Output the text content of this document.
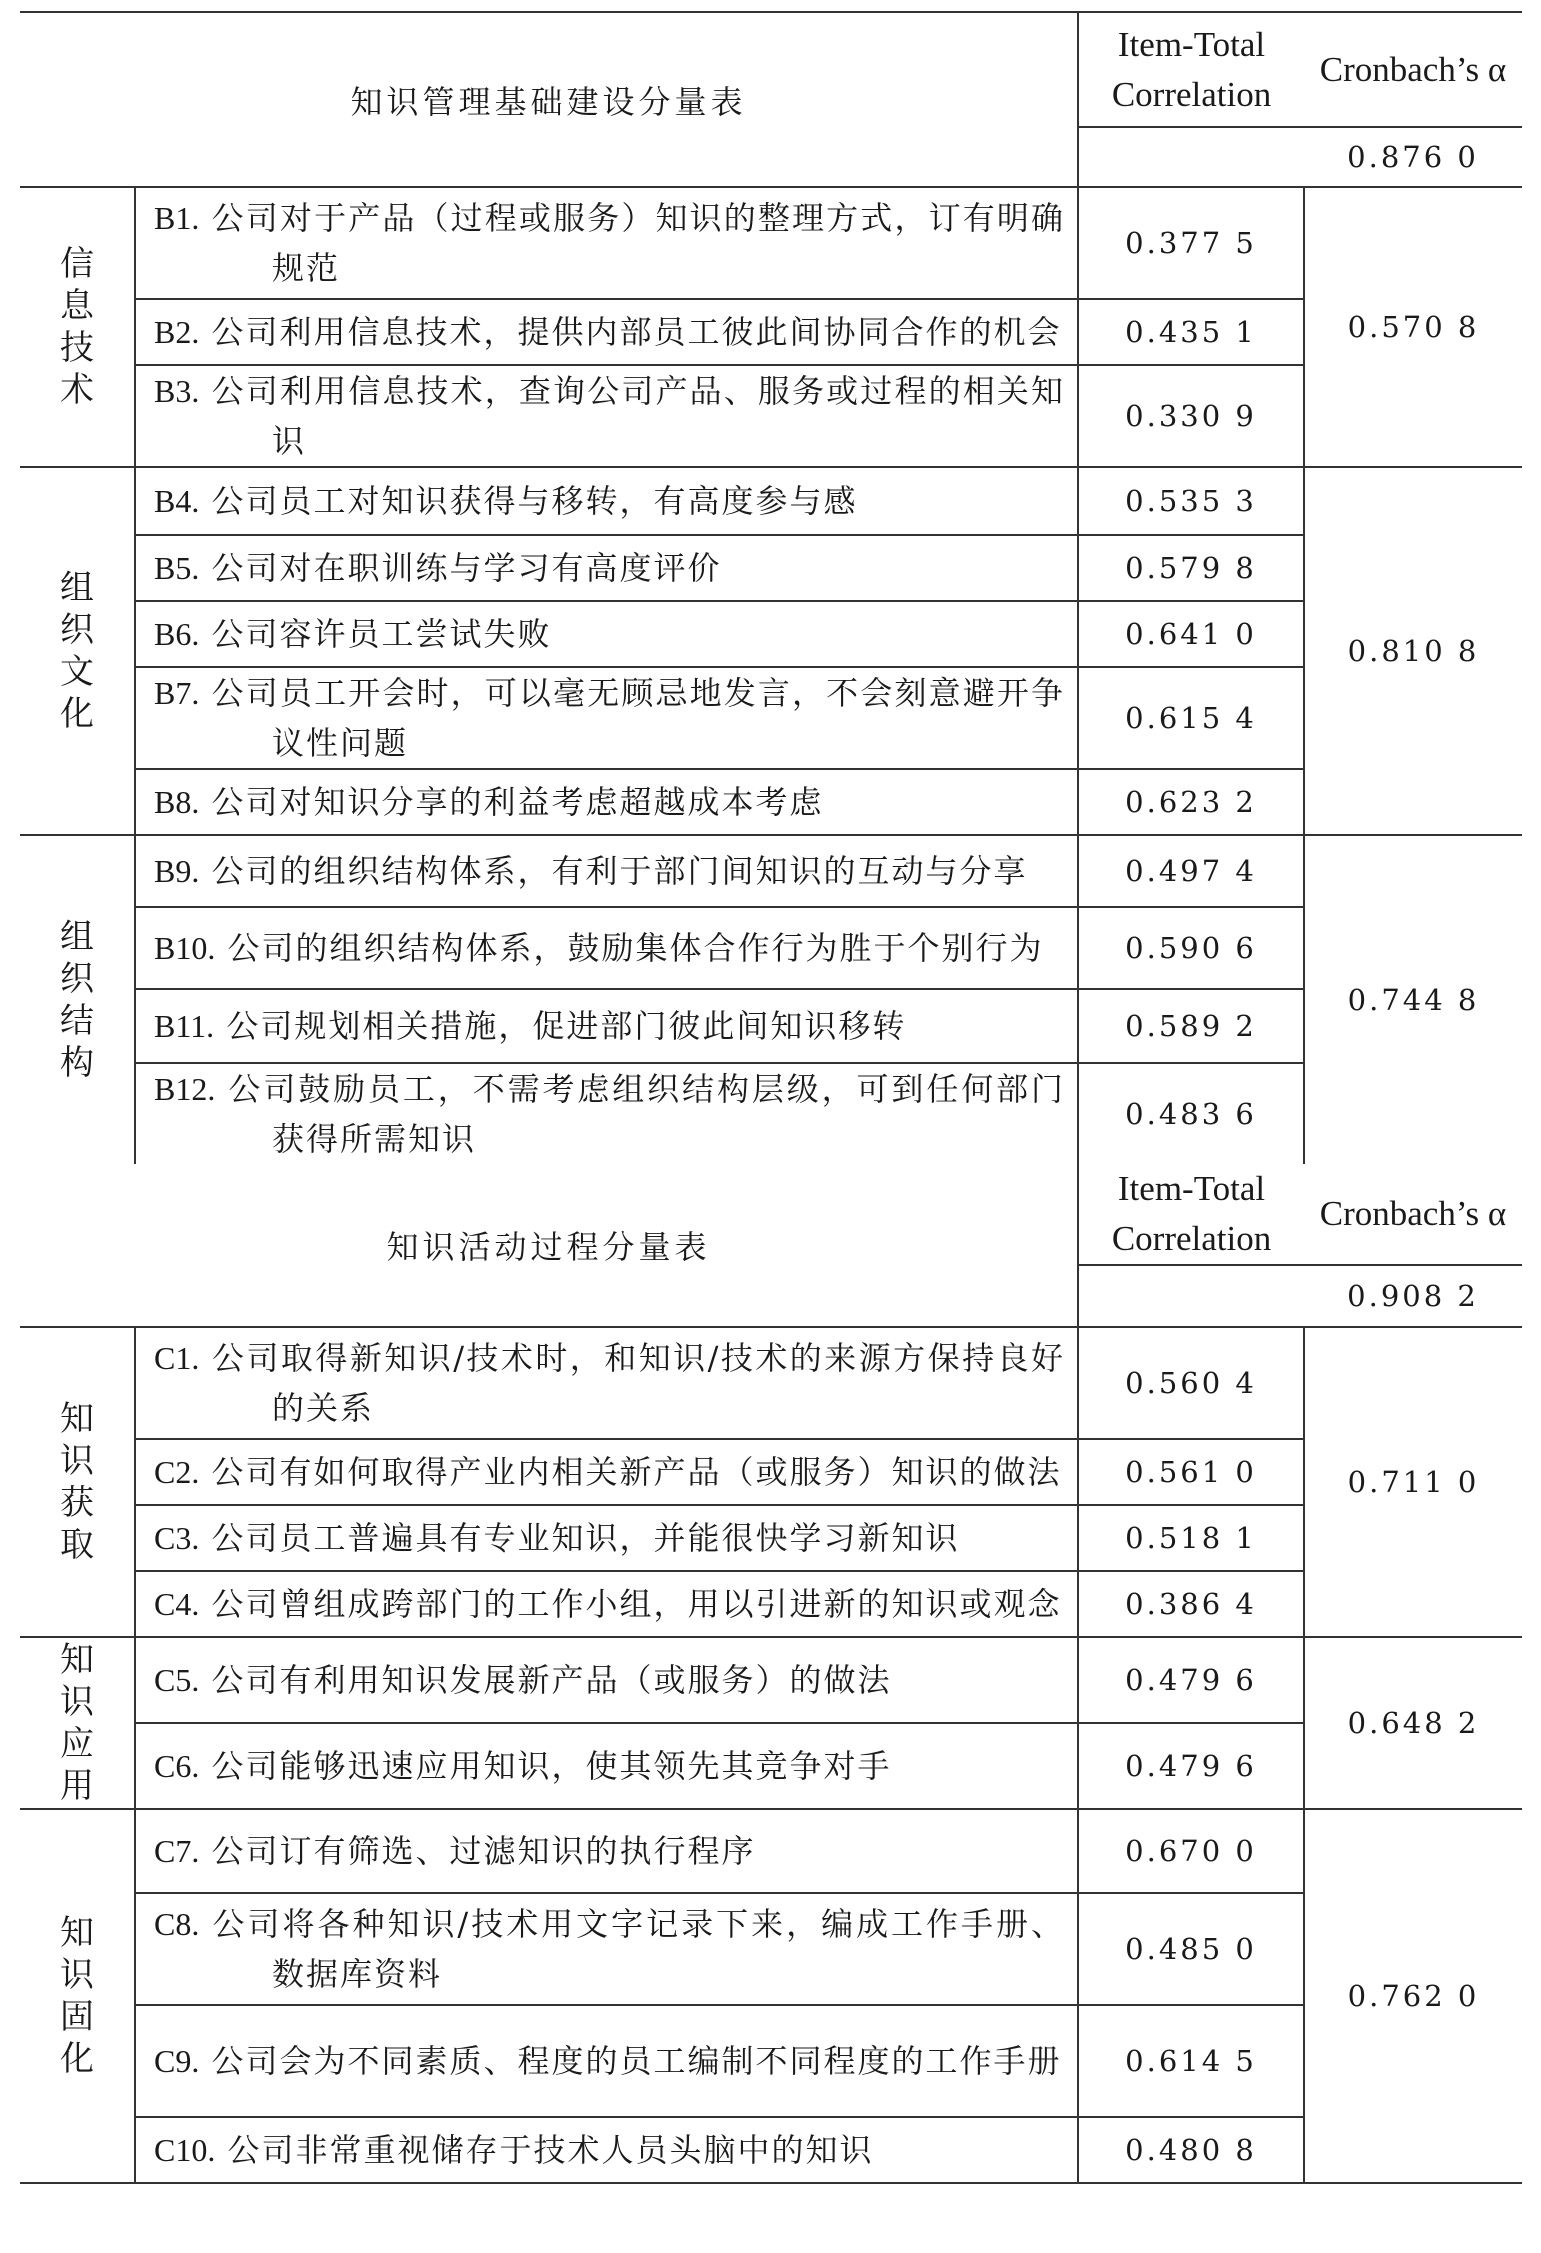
知识管理基础建设分量表		Item-Total
Correlation	Cronbach’s α
			0.876 0

信
息
技
术	B1. 公司对于产品（过程或服务）知识的整理方式，订有明确规范	0.377 5	0.570 8
	B2. 公司利用信息技术，提供内部员工彼此间协同合作的机会	0.435 1	
	B3. 公司利用信息技术，查询公司产品、服务或过程的相关知识	0.330 9	

组
织
文
化	B4. 公司员工对知识获得与移转，有高度参与感	0.535 3	0.810 8
	B5. 公司对在职训练与学习有高度评价	0.579 8	
	B6. 公司容许员工尝试失败	0.641 0	
	B7. 公司员工开会时，可以毫无顾忌地发言，不会刻意避开争议性问题	0.615 4	
	B8. 公司对知识分享的利益考虑超越成本考虑	0.623 2	

组
织
结
构	B9. 公司的组织结构体系，有利于部门间知识的互动与分享	0.497 4	0.744 8
	B10. 公司的组织结构体系，鼓励集体合作行为胜于个别行为	0.590 6	
	B11. 公司规划相关措施，促进部门彼此间知识移转	0.589 2	
	B12. 公司鼓励员工，不需考虑组织结构层级，可到任何部门获得所需知识	0.483 6	
知识活动过程分量表		Item-Total
Correlation	Cronbach’s α
			0.908 2

知
识
获
取	C1. 公司取得新知识/技术时，和知识/技术的来源方保持良好的关系	0.560 4	0.711 0
	C2. 公司有如何取得产业内相关新产品（或服务）知识的做法	0.561 0	
	C3. 公司员工普遍具有专业知识，并能很快学习新知识	0.518 1	
	C4. 公司曾组成跨部门的工作小组，用以引进新的知识或观念	0.386 4	

知
识
应
用	C5. 公司有利用知识发展新产品（或服务）的做法	0.479 6	0.648 2
	C6. 公司能够迅速应用知识，使其领先其竞争对手	0.479 6	

知
识
固
化	C7. 公司订有筛选、过滤知识的执行程序	0.670 0	0.762 0
	C8. 公司将各种知识/技术用文字记录下来，编成工作手册、数据库资料	0.485 0	
	C9. 公司会为不同素质、程度的员工编制不同程度的工作手册	0.614 5	
	C10. 公司非常重视储存于技术人员头脑中的知识	0.480 8	
